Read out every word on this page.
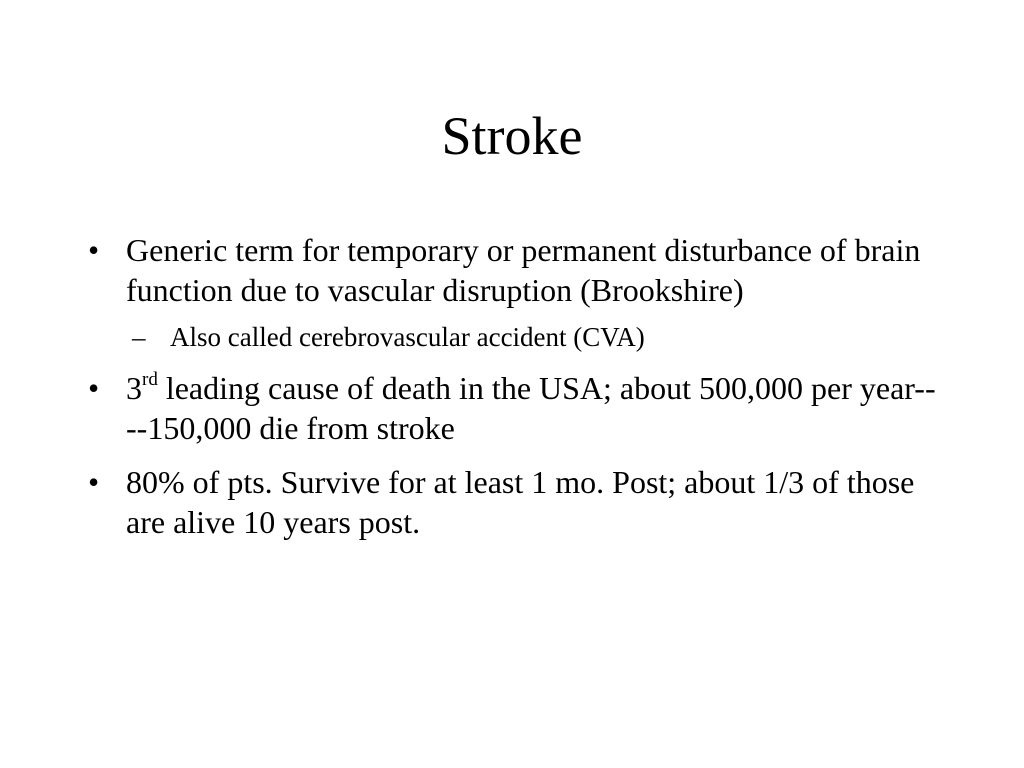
Stroke
• Generic term for temporary or permanent disturbance of brain function due to vascular disruption (Brookshire)
– Also called cerebrovascular accident (CVA)
• 3rd leading cause of death in the USA; about 500,000 per year----150,000 die from stroke
• 80% of pts. Survive for at least 1 mo. Post; about 1/3 of those are alive 10 years post.
